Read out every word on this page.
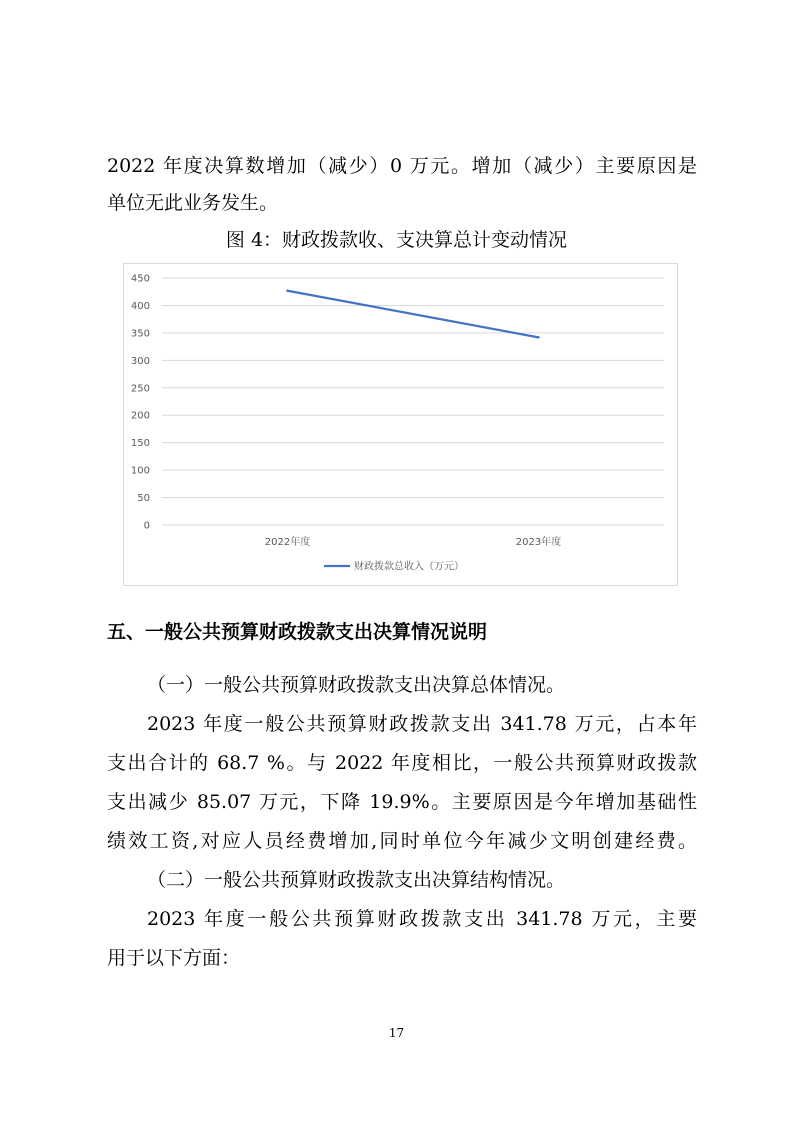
2022 年度决算数增加（减少）0 万元。增加（减少）主要原因是
单位无此业务发生。
图 4：财政拨款收、支决算总计变动情况
0
50
100
150
200
250
300
350
400
450
2022年度	2023年度
财政拨款总收入（万元）
五、一般公共预算财政拨款支出决算情况说明
（一）一般公共预算财政拨款支出决算总体情况。
2023 年度一般公共预算财政拨款支出 341.78 万元，占本年
支出合计的 68.7 %。与 2022 年度相比，一般公共预算财政拨款
支出减少 85.07 万元，下降 19.9%。主要原因是今年增加基础性
绩效工资,对应人员经费增加,同时单位今年减少文明创建经费。
（二）一般公共预算财政拨款支出决算结构情况。
2023 年度一般公共预算财政拨款支出 341.78 万元，主要
用于以下方面：
17
